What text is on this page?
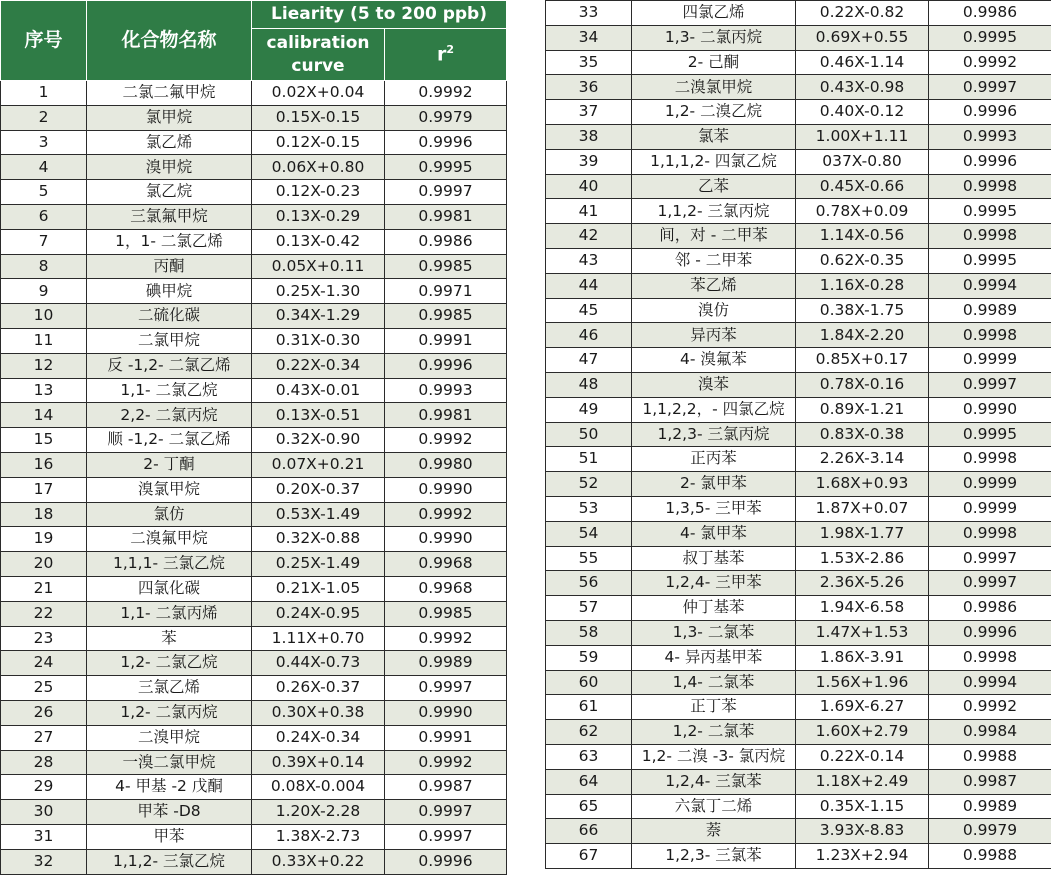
序号	化合物名称	Liearity (5 to 200 ppb)	
		calibration curve	$r^2$
1	二氯二氟甲烷	0.02X+0.04	0.9992
2	氯甲烷	0.15X-0.15	0.9979
3	氯乙烯	0.12X-0.15	0.9996
4	溴甲烷	0.06X+0.80	0.9995
5	氯乙烷	0.12X-0.23	0.9997
6	三氯氟甲烷	0.13X-0.29	0.9981
7	1，1- 二氯乙烯	0.13X-0.42	0.9986
8	丙酮	0.05X+0.11	0.9985
9	碘甲烷	0.25X-1.30	0.9971
10	二硫化碳	0.34X-1.29	0.9985
11	二氯甲烷	0.31X-0.30	0.9991
12	反 -1,2- 二氯乙烯	0.22X-0.34	0.9996
13	1,1- 二氯乙烷	0.43X-0.01	0.9993
14	2,2- 二氯丙烷	0.13X-0.51	0.9981
15	顺 -1,2- 二氯乙烯	0.32X-0.90	0.9992
16	2- 丁酮	0.07X+0.21	0.9980
17	溴氯甲烷	0.20X-0.37	0.9990
18	氯仿	0.53X-1.49	0.9992
19	二溴氟甲烷	0.32X-0.88	0.9990
20	1,1,1- 三氯乙烷	0.25X-1.49	0.9968
21	四氯化碳	0.21X-1.05	0.9968
22	1,1- 二氯丙烯	0.24X-0.95	0.9985
23	苯	1.11X+0.70	0.9992
24	1,2- 二氯乙烷	0.44X-0.73	0.9989
25	三氯乙烯	0.26X-0.37	0.9997
26	1,2- 二氯丙烷	0.30X+0.38	0.9990
27	二溴甲烷	0.24X-0.34	0.9991
28	一溴二氯甲烷	0.39X+0.14	0.9992
29	4- 甲基 -2 戊酮	0.08X-0.004	0.9987
30	甲苯 -D8	1.20X-2.28	0.9997
31	甲苯	1.38X-2.73	0.9997
32	1,1,2- 三氯乙烷	0.33X+0.22	0.9996
33	四氯乙烯	0.22X-0.82	0.9986
34	1,3- 二氯丙烷	0.69X+0.55	0.9995
35	2- 己酮	0.46X-1.14	0.9992
36	二溴氯甲烷	0.43X-0.98	0.9997
37	1,2- 二溴乙烷	0.40X-0.12	0.9996
38	氯苯	1.00X+1.11	0.9993
39	1,1,1,2- 四氯乙烷	037X-0.80	0.9996
40	乙苯	0.45X-0.66	0.9998
41	1,1,2- 三氯丙烷	0.78X+0.09	0.9995
42	间，对 - 二甲苯	1.14X-0.56	0.9998
43	邻 - 二甲苯	0.62X-0.35	0.9995
44	苯乙烯	1.16X-0.28	0.9994
45	溴仿	0.38X-1.75	0.9989
46	异丙苯	1.84X-2.20	0.9998
47	4- 溴氟苯	0.85X+0.17	0.9999
48	溴苯	0.78X-0.16	0.9997
49	1,1,2,2，- 四氯乙烷	0.89X-1.21	0.9990
50	1,2,3- 三氯丙烷	0.83X-0.38	0.9995
51	正丙苯	2.26X-3.14	0.9998
52	2- 氯甲苯	1.68X+0.93	0.9999
53	1,3,5- 三甲苯	1.87X+0.07	0.9999
54	4- 氯甲苯	1.98X-1.77	0.9998
55	叔丁基苯	1.53X-2.86	0.9997
56	1,2,4- 三甲苯	2.36X-5.26	0.9997
57	仲丁基苯	1.94X-6.58	0.9986
58	1,3- 二氯苯	1.47X+1.53	0.9996
59	4- 异丙基甲苯	1.86X-3.91	0.9998
60	1,4- 二氯苯	1.56X+1.96	0.9994
61	正丁苯	1.69X-6.27	0.9992
62	1,2- 二氯苯	1.60X+2.79	0.9984
63	1,2- 二溴 -3- 氯丙烷	0.22X-0.14	0.9988
64	1,2,4- 三氯苯	1.18X+2.49	0.9987
65	六氯丁二烯	0.35X-1.15	0.9989
66	萘	3.93X-8.83	0.9979
67	1,2,3- 三氯苯	1.23X+2.94	0.9988
